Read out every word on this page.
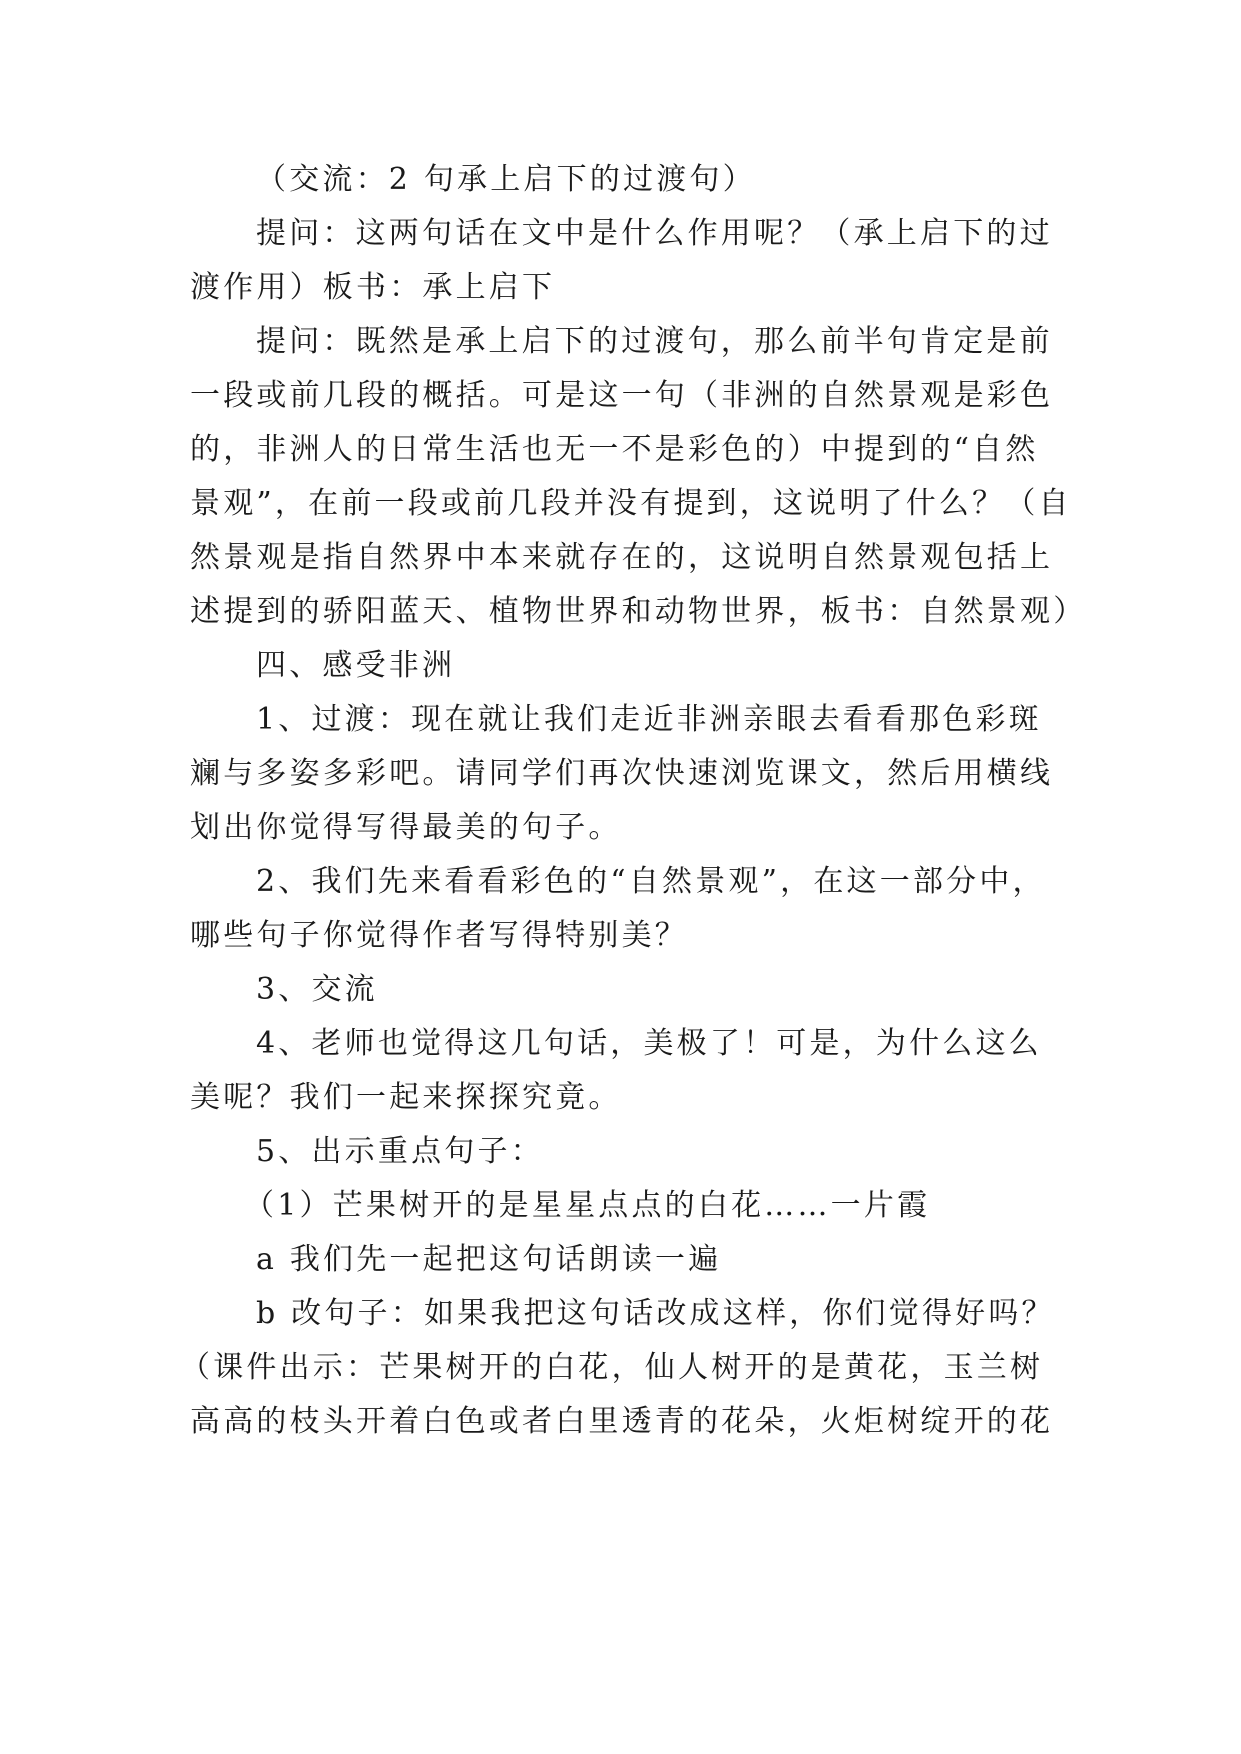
（交流：2 句承上启下的过渡句）
提问：这两句话在文中是什么作用呢？（承上启下的过
渡作用）板书：承上启下
提问：既然是承上启下的过渡句，那么前半句肯定是前
一段或前几段的概括。可是这一句（非洲的自然景观是彩色
的，非洲人的日常生活也无一不是彩色的）中提到的“自然
景观”，在前一段或前几段并没有提到，这说明了什么？（自
然景观是指自然界中本来就存在的，这说明自然景观包括上
述提到的骄阳蓝天、植物世界和动物世界，板书：自然景观）
四、感受非洲
1、过渡：现在就让我们走近非洲亲眼去看看那色彩斑
斓与多姿多彩吧。请同学们再次快速浏览课文，然后用横线
划出你觉得写得最美的句子。
2、我们先来看看彩色的“自然景观”，在这一部分中，
哪些句子你觉得作者写得特别美？
3、交流
4、老师也觉得这几句话，美极了！可是，为什么这么
美呢？我们一起来探探究竟。
5、出示重点句子：
（1）芒果树开的是星星点点的白花……一片霞
a 我们先一起把这句话朗读一遍
b 改句子：如果我把这句话改成这样，你们觉得好吗？
（课件出示：芒果树开的白花，仙人树开的是黄花，玉兰树
高高的枝头开着白色或者白里透青的花朵，火炬树绽开的花
